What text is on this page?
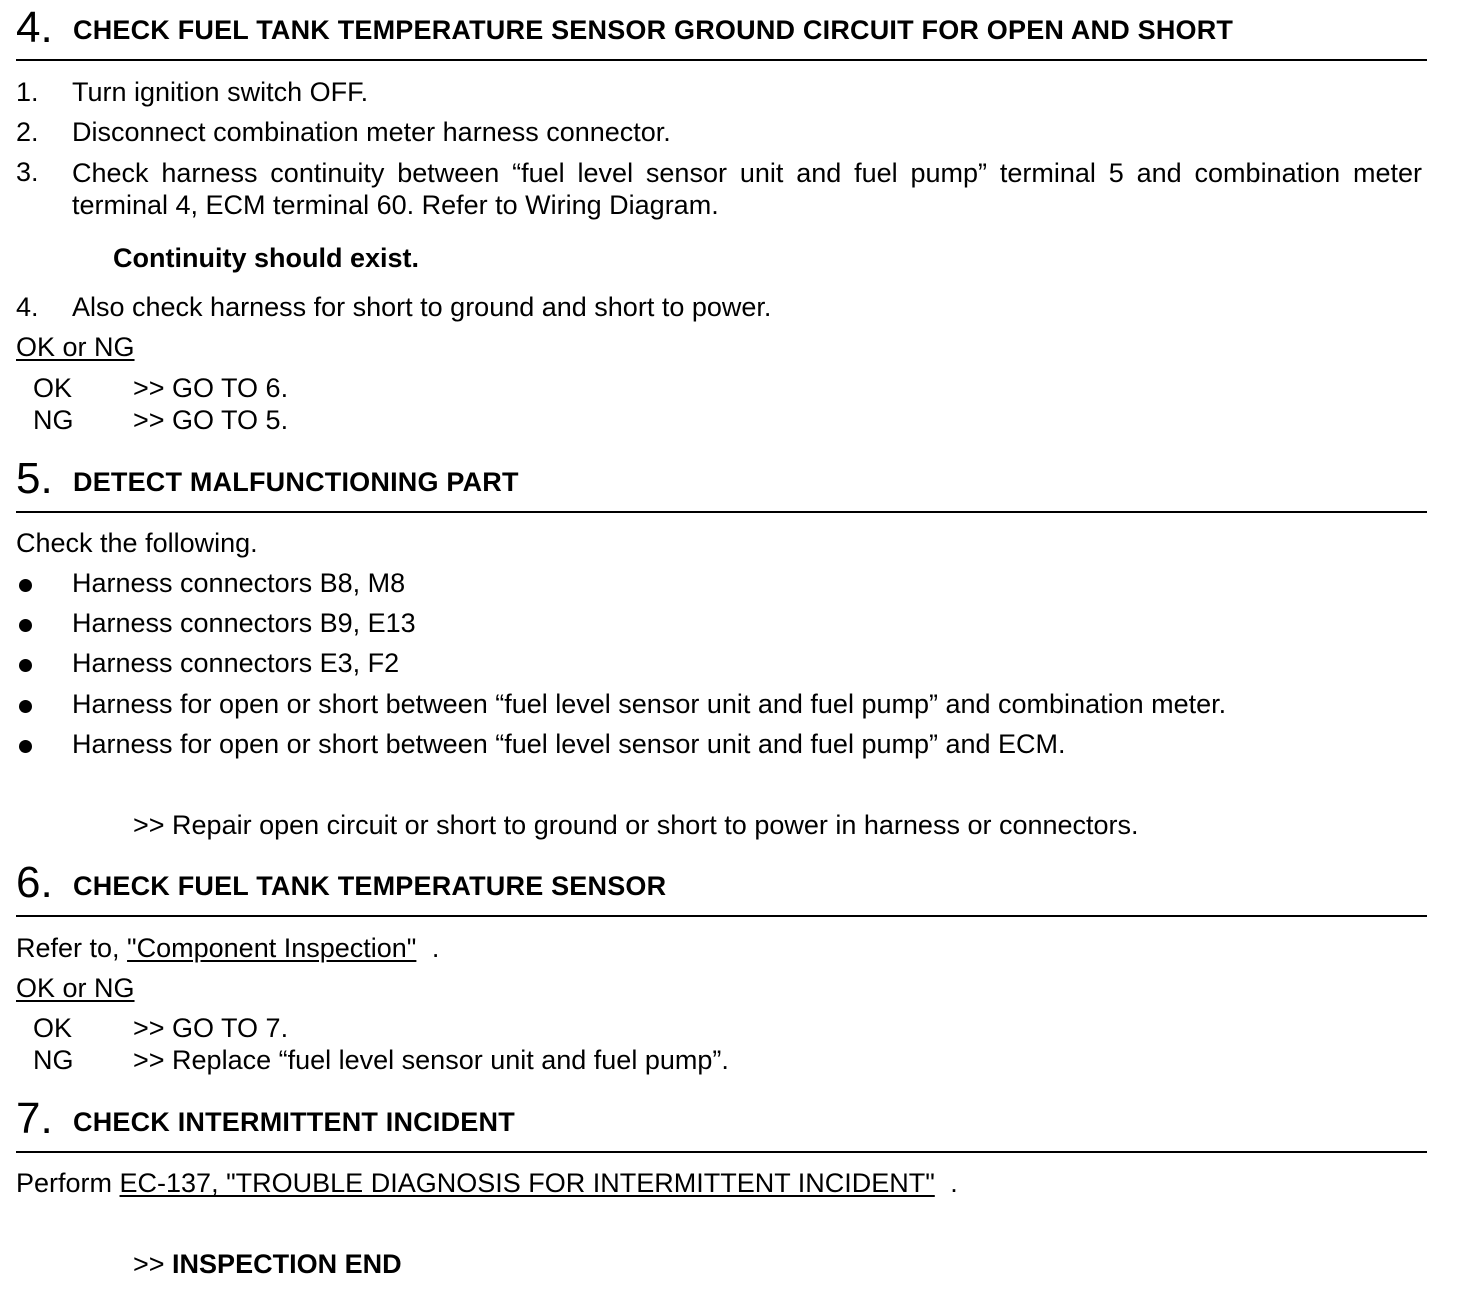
4. CHECK FUEL TANK TEMPERATURE SENSOR GROUND CIRCUIT FOR OPEN AND SHORT
1. Turn ignition switch OFF.
2. Disconnect combination meter harness connector.
3. Check harness continuity between “fuel level sensor unit and fuel pump” terminal 5 and combination meter terminal 4, ECM terminal 60. Refer to Wiring Diagram.
Continuity should exist.
4. Also check harness for short to ground and short to power.
OK or NG
OK >> GO TO 6.
NG >> GO TO 5.
5. DETECT MALFUNCTIONING PART
Check the following.
Harness connectors B8, M8
Harness connectors B9, E13
Harness connectors E3, F2
Harness for open or short between “fuel level sensor unit and fuel pump” and combination meter.
Harness for open or short between “fuel level sensor unit and fuel pump” and ECM.
>> Repair open circuit or short to ground or short to power in harness or connectors.
6. CHECK FUEL TANK TEMPERATURE SENSOR
Refer to, "Component Inspection" .
OK or NG
OK >> GO TO 7.
NG >> Replace “fuel level sensor unit and fuel pump”.
7. CHECK INTERMITTENT INCIDENT
Perform EC-137, "TROUBLE DIAGNOSIS FOR INTERMITTENT INCIDENT" .
>> INSPECTION END
